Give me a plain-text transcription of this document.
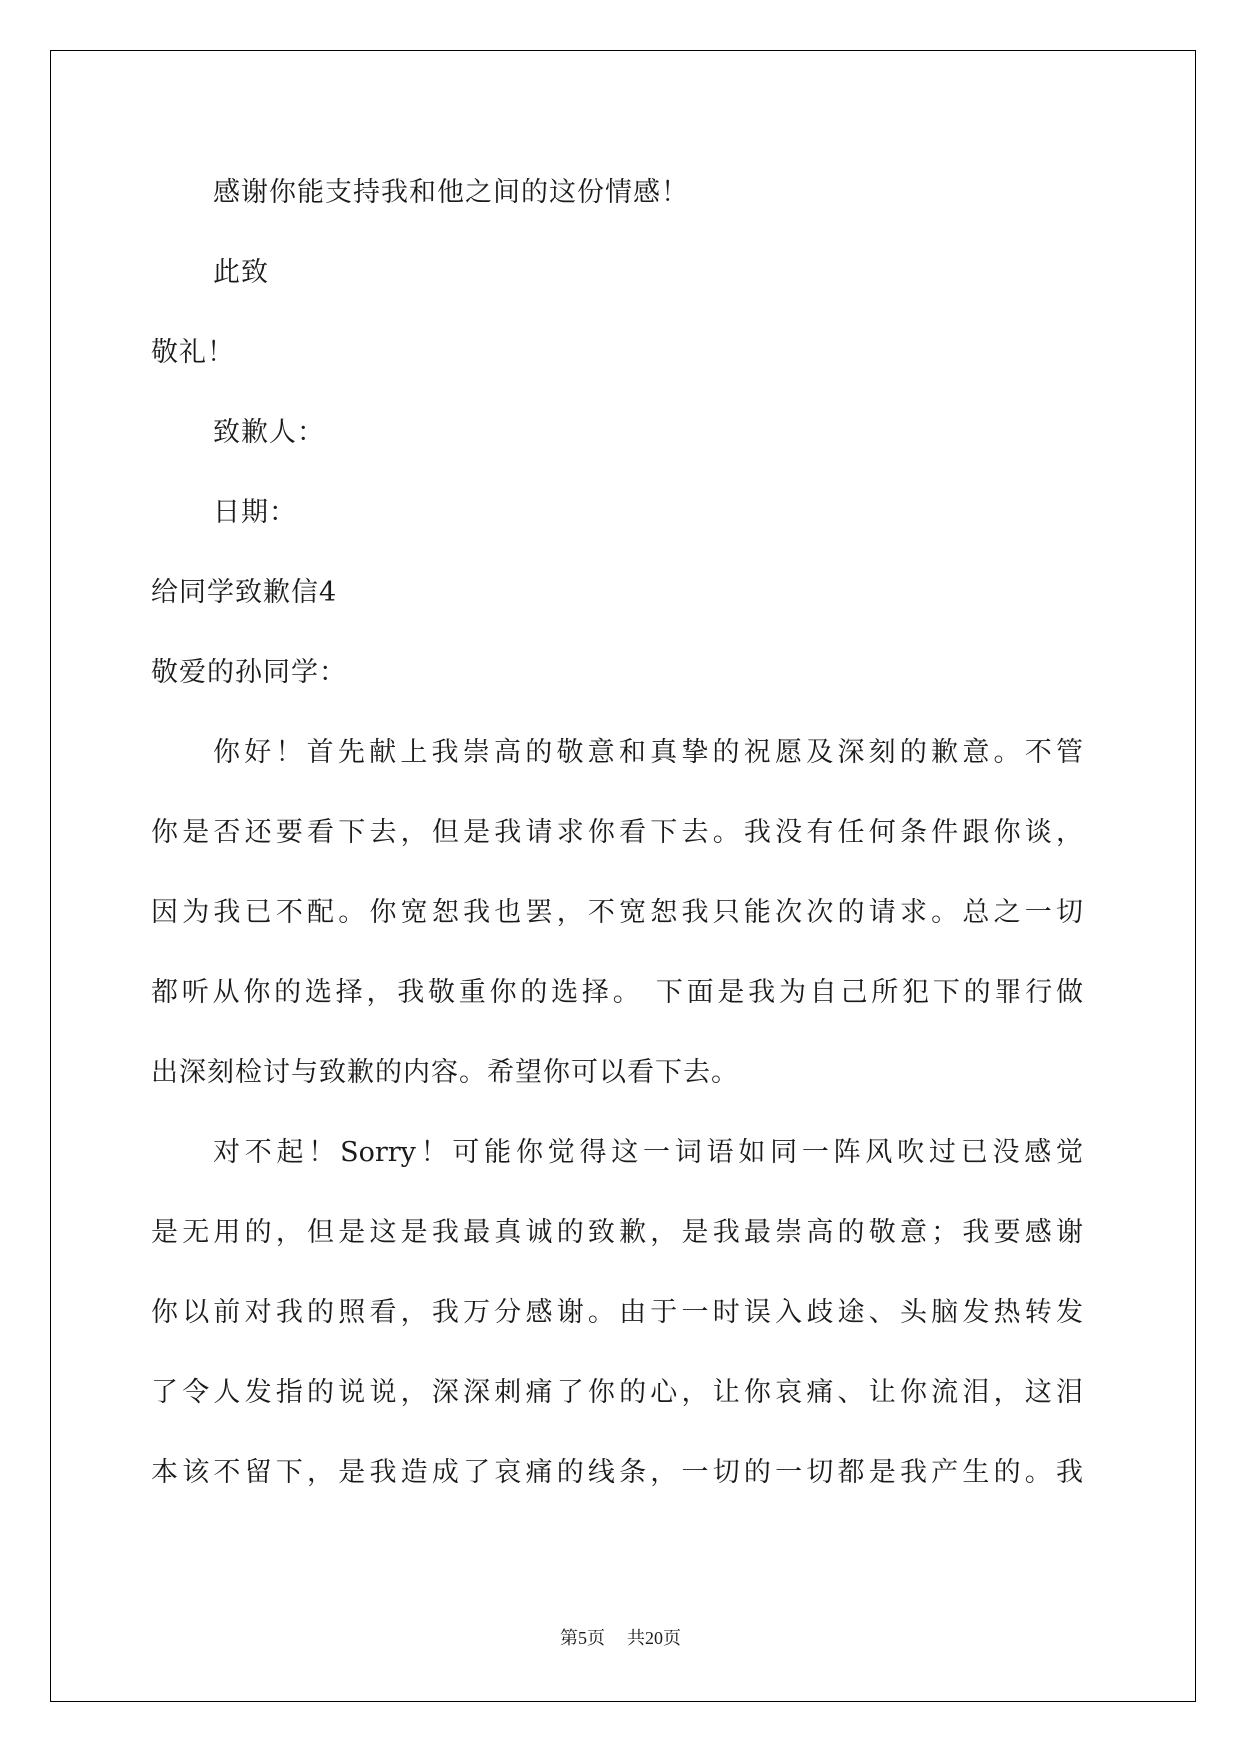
感谢你能支持我和他之间的这份情感！
此致
敬礼！
致歉人：
日期：
给同学致歉信4
敬爱的孙同学：
你好！首先献上我崇高的敬意和真挚的祝愿及深刻的歉意。不管
你是否还要看下去，但是我请求你看下去。我没有任何条件跟你谈，
因为我已不配。你宽恕我也罢，不宽恕我只能次次的请求。总之一切
都听从你的选择，我敬重你的选择。 下面是我为自己所犯下的罪行做
出深刻检讨与致歉的内容。希望你可以看下去。
对不起！Sorry！可能你觉得这一词语如同一阵风吹过已没感觉
是无用的，但是这是我最真诚的致歉，是我最崇高的敬意；我要感谢
你以前对我的照看，我万分感谢。由于一时误入歧途、头脑发热转发
了令人发指的说说，深深刺痛了你的心，让你哀痛、让你流泪，这泪
本该不留下，是我造成了哀痛的线条，一切的一切都是我产生的。我
第5页 共20页
